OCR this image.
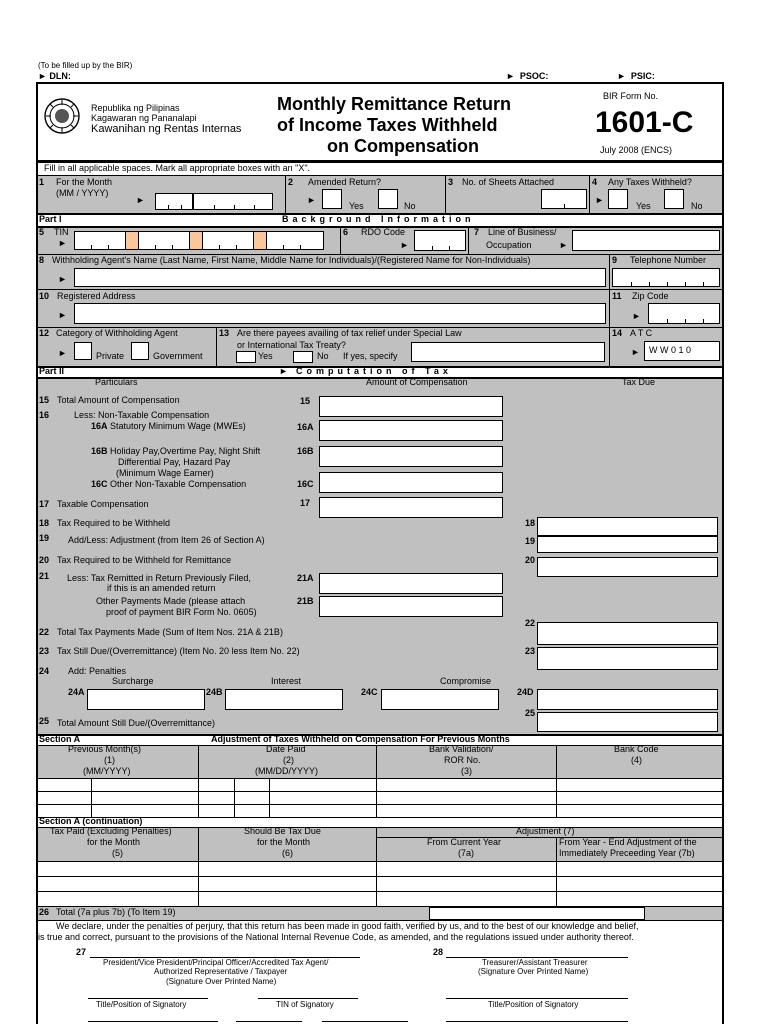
(To be filled up by the BIR)
► DLN:	►  PSOC:	►  PSIC:
Republika ng Pilipinas
Kagawaran ng Pananalapi
Kawanihan ng Rentas Internas
Monthly Remittance Return
of Income Taxes Withheld
on Compensation
BIR Form No.
1601-C
July 2008 (ENCS)
Fill in all applicable spaces. Mark all appropriate boxes with an "X".
1 For the Month
(MM / YYYY)
►
2 Amended Return?
►
Yes	No
3 No. of Sheets Attached	4 Any Taxes Withheld?
►
Yes	No
Part I	Background Information
5 TIN
►
6 RDO Code
►
7 Line of Business/
Occupation	►
8 Withholding Agent's Name (Last Name, First Name, Middle Name for Individuals)/(Registered Name for Non-Individuals)
►
9 Telephone Number
10 Registered Address
►
11 Zip Code
►
12 Category of Withholding Agent
►	Private	Government
13 Are there payees availing of tax relief under Special Law
or International Tax Treaty?
Yes	No If yes, specify
14 A T C
► W W 0 1 0
Part II	► Computation of Tax
Particulars	Amount of Compensation	Tax Due
15 Total Amount of Compensation	15
16	Less: Non-Taxable Compensation
16A Statutory Minimum Wage (MWEs)	16A
16B Holiday Pay,Overtime Pay, Night Shift
Differential Pay, Hazard Pay
(Minimum Wage Earner)
16B
16C Other Non-Taxable Compensation	16C
17 Taxable Compensation	17
18 Tax Required to be Withheld	18
19 Add/Less: Adjustment (from Item 26 of Section A)	19
20 Tax Required to be Withheld for Remittance	20
21 Less: Tax Remitted in Return Previously Filed,
if this is an amended return
Other Payments Made (please attach
proof of payment BIR Form No. 0605)
21A
21B
22 Total Tax Payments Made (Sum of Item Nos. 21A & 21B)
22
23 Tax Still Due/(Overremittance) (Item No. 20 less Item No. 22)	23
24 Add: Penalties
Surcharge	Interest	Compromise
24A	24B	24C	24D
25 Total Amount Still Due/(Overremittance)
25
Section A	Adjustment of Taxes Withheld on Compensation For Previous Months
Previous Month(s)
(1)
(MM/YYYY)
Date Paid
(2)
(MM/DD/YYYY)
Bank Validation/
ROR No.
(3)
Bank Code
(4)
Section A (continuation)
Tax Paid (Excluding Penalties)
for the Month
(5)
Should Be Tax Due
for the Month
(6)
Adjustment (7)
From Current Year
(7a)
From Year - End Adjustment of the
Immediately Preceeding Year (7b)
26 Total (7a plus 7b) (To Item 19)
We declare, under the penalties of perjury, that this return has been made in good faith, verified by us, and to the best of our knowledge and belief,
is true and correct, pursuant to the provisions of the National Internal Revenue Code, as amended, and the regulations issued under authority thereof.
27
President/Vice President/Principal Officer/Accredited Tax Agent/
Authorized Representative / Taxpayer
(Signature Over Printed Name)
28
Treasurer/Assistant Treasurer
(Signature Over Printed Name)
Title/Position of Signatory	TIN of Signatory	Title/Position of Signatory
